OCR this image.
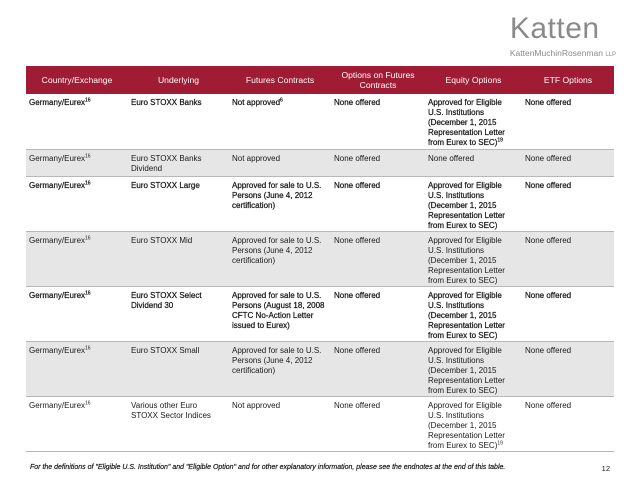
Katten
KattenMuchinRosenman LLP
Country/Exchange	Underlying	Futures Contracts	Options on Futures Contracts	Equity Options	ETF Options
Germany/Eurex$^{16}$	Euro STOXX Banks	Not approved$^6$	None offered	Approved for Eligible U.S. Institutions (December 1, 2015 Representation Letter from Eurex to SEC)$^{19}$	None offered
Germany/Eurex$^{16}$	Euro STOXX Banks Dividend	Not approved	None offered	None offered	None offered
Germany/Eurex$^{16}$	Euro STOXX Large	Approved for sale to U.S. Persons (June 4, 2012 certification)	None offered	Approved for Eligible U.S. Institutions (December 1, 2015 Representation Letter from Eurex to SEC)	None offered
Germany/Eurex$^{16}$	Euro STOXX Mid	Approved for sale to U.S. Persons (June 4, 2012 certification)	None offered	Approved for Eligible U.S. Institutions (December 1, 2015 Representation Letter from Eurex to SEC)	None offered
Germany/Eurex$^{16}$	Euro STOXX Select Dividend 30	Approved for sale to U.S. Persons (August 18, 2008 CFTC No-Action Letter issued to Eurex)	None offered	Approved for Eligible U.S. Institutions (December 1, 2015 Representation Letter from Eurex to SEC)	None offered
Germany/Eurex$^{16}$	Euro STOXX Small	Approved for sale to U.S. Persons (June 4, 2012 certification)	None offered	Approved for Eligible U.S. Institutions (December 1, 2015 Representation Letter from Eurex to SEC)	None offered
Germany/Eurex$^{16}$	Various other Euro STOXX Sector Indices	Not approved	None offered	Approved for Eligible U.S. Institutions (December 1, 2015 Representation Letter from Eurex to SEC)$^{19}$	None offered
For the definitions of "Eligible U.S. Institution" and "Eligible Option" and for other explanatory information, please see the endnotes at the end of this table.	12
